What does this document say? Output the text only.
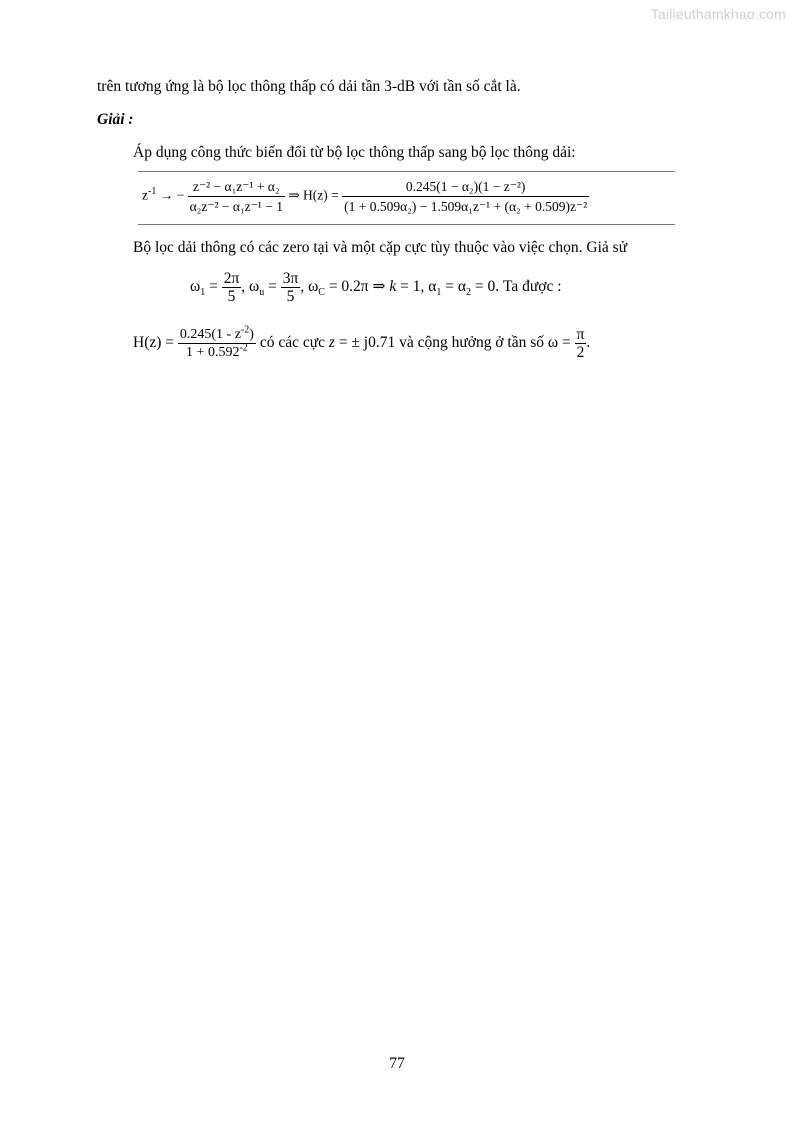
Tailieuthamkhao.com
trên tương ứng là bộ lọc thông thấp có dải tần 3-dB với tần số cắt là.
Giải :
Áp dụng công thức biến đổi từ bộ lọc thông thấp sang bộ lọc thông dải:
$z^{-1}$ → − $\frac{\text{z⁻² − α₁z⁻¹ + α₂}}{\text{α₂z⁻² − α₁z⁻¹ − 1}}$ ⇒ $H(z) = \frac{\text{0.245(1 − α₂)(1 − z⁻²)}}{\text{(1 + 0.509α₂) − 1.509α₁z⁻¹ + (α₂ + 0.509)z⁻²}}$
Bộ lọc dải thông có các zero tại và một cặp cực tùy thuộc vào việc chọn. Giả sử
$\omega_1 = \frac{2\pi}{5}$ , $\omega_u = \frac{3\pi}{5}$ , $\omega_C = 0.2\pi$ ⇒ k = 1, $\alpha_1 = \alpha_2 = 0$. Ta được :
$H(z) = \frac{0.245(1 - z^{-2})}{1 + 0.592^{-2}}$ có các cực z = ± j0.71 và cộng hưởng ở tần số $\omega = \frac{\pi}{2}$ .
77
